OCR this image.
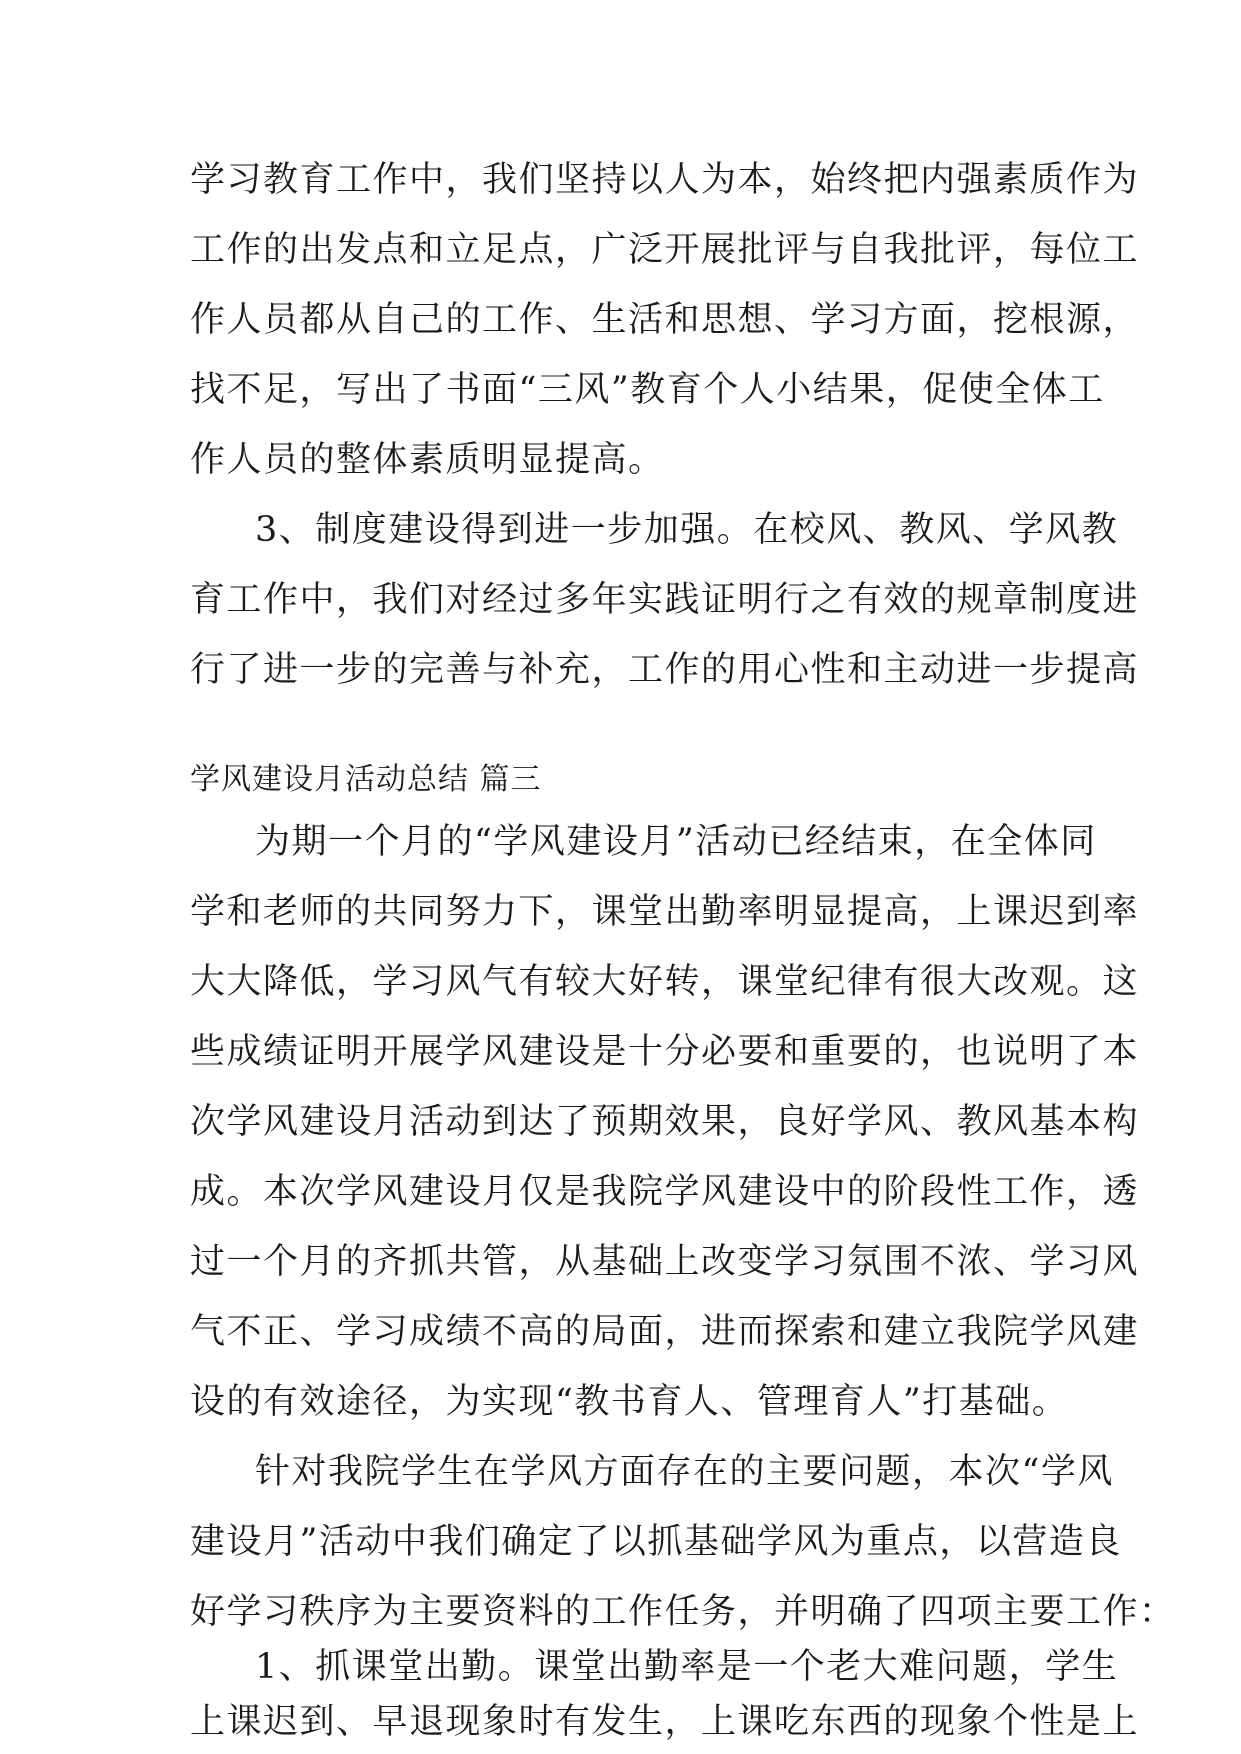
学习教育工作中，我们坚持以人为本，始终把内强素质作为
工作的出发点和立足点，广泛开展批评与自我批评，每位工
作人员都从自己的工作、生活和思想、学习方面，挖根源，
找不足，写出了书面“三风”教育个人小结果，促使全体工
作人员的整体素质明显提高。
3、制度建设得到进一步加强。在校风、教风、学风教
育工作中，我们对经过多年实践证明行之有效的规章制度进
行了进一步的完善与补充，工作的用心性和主动进一步提高
学风建设月活动总结 篇三
为期一个月的“学风建设月”活动已经结束，在全体同
学和老师的共同努力下，课堂出勤率明显提高，上课迟到率
大大降低，学习风气有较大好转，课堂纪律有很大改观。这
些成绩证明开展学风建设是十分必要和重要的，也说明了本
次学风建设月活动到达了预期效果，良好学风、教风基本构
成。本次学风建设月仅是我院学风建设中的阶段性工作，透
过一个月的齐抓共管，从基础上改变学习氛围不浓、学习风
气不正、学习成绩不高的局面，进而探索和建立我院学风建
设的有效途径，为实现“教书育人、管理育人”打基础。
针对我院学生在学风方面存在的主要问题，本次“学风
建设月”活动中我们确定了以抓基础学风为重点，以营造良
好学习秩序为主要资料的工作任务，并明确了四项主要工作：
1、抓课堂出勤。课堂出勤率是一个老大难问题，学生
上课迟到、早退现象时有发生，上课吃东西的现象个性是上
